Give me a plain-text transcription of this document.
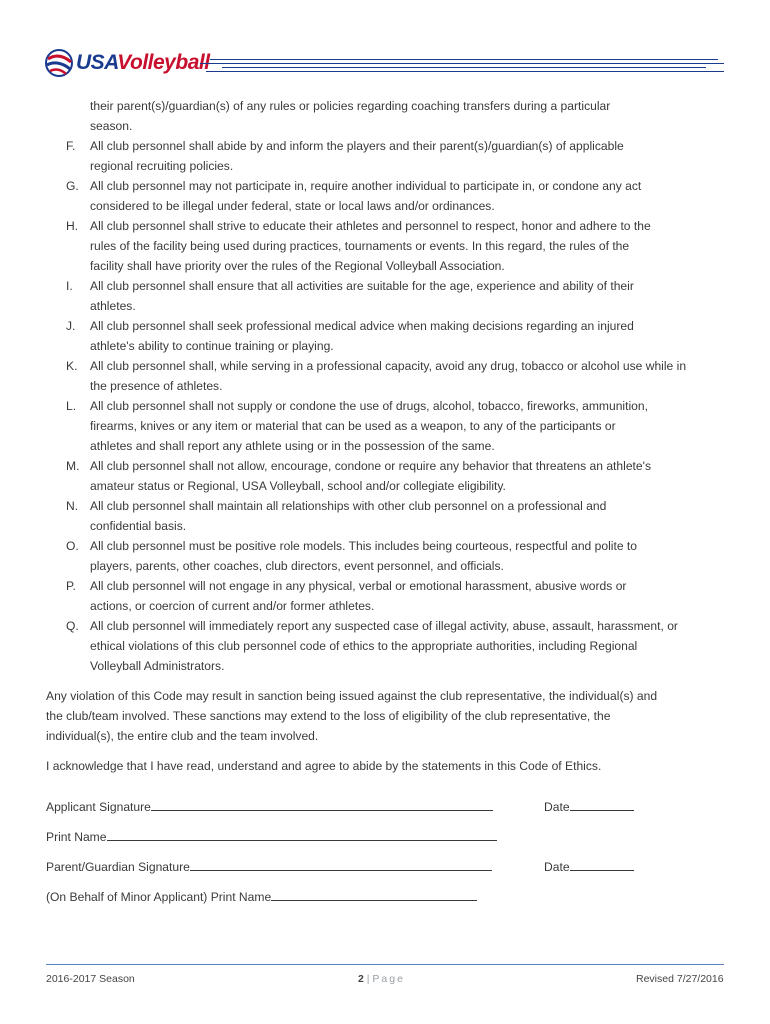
USAVolleyball
their parent(s)/guardian(s) of any rules or policies regarding coaching transfers during a particular
season.
F.	All club personnel shall abide by and inform the players and their parent(s)/guardian(s) of applicable
regional recruiting policies.
G. All club personnel may not participate in, require another individual to participate in, or condone any act
considered to be illegal under federal, state or local laws and/or ordinances.
H. All club personnel shall strive to educate their athletes and personnel to respect, honor and adhere to the
rules of the facility being used during practices, tournaments or events. In this regard, the rules of the
facility shall have priority over the rules of the Regional Volleyball Association.
I.	All club personnel shall ensure that all activities are suitable for the age, experience and ability of their
athletes.
J.	All club personnel shall seek professional medical advice when making decisions regarding an injured
athlete's ability to continue training or playing.
K.	All club personnel shall, while serving in a professional capacity, avoid any drug, tobacco or alcohol use while in
the presence of athletes.
L.	All club personnel shall not supply or condone the use of drugs, alcohol, tobacco, fireworks, ammunition,
firearms, knives or any item or material that can be used as a weapon, to any of the participants or
athletes and shall report any athlete using or in the possession of the same.
M. All club personnel shall not allow, encourage, condone or require any behavior that threatens an athlete's
amateur status or Regional, USA Volleyball, school and/or collegiate eligibility.
N. All club personnel shall maintain all relationships with other club personnel on a professional and
confidential basis.
O. All club personnel must be positive role models. This includes being courteous, respectful and polite to
players, parents, other coaches, club directors, event personnel, and officials.
P.	All club personnel will not engage in any physical, verbal or emotional harassment, abusive words or
actions, or coercion of current and/or former athletes.
Q. All club personnel will immediately report any suspected case of illegal activity, abuse, assault, harassment, or
ethical violations of this club personnel code of ethics to the appropriate authorities, including Regional
Volleyball Administrators.
Any violation of this Code may result in sanction being issued against the club representative, the individual(s) and
the club/team involved. These sanctions may extend to the loss of eligibility of the club representative, the
individual(s), the entire club and the team involved.
I acknowledge that I have read, understand and agree to abide by the statements in this Code of Ethics.
Applicant Signature	Date
Print Name
Parent/Guardian Signature	Date
(On Behalf of Minor Applicant) Print Name
2016-2017 Season	2 | Page	Revised 7/27/2016
